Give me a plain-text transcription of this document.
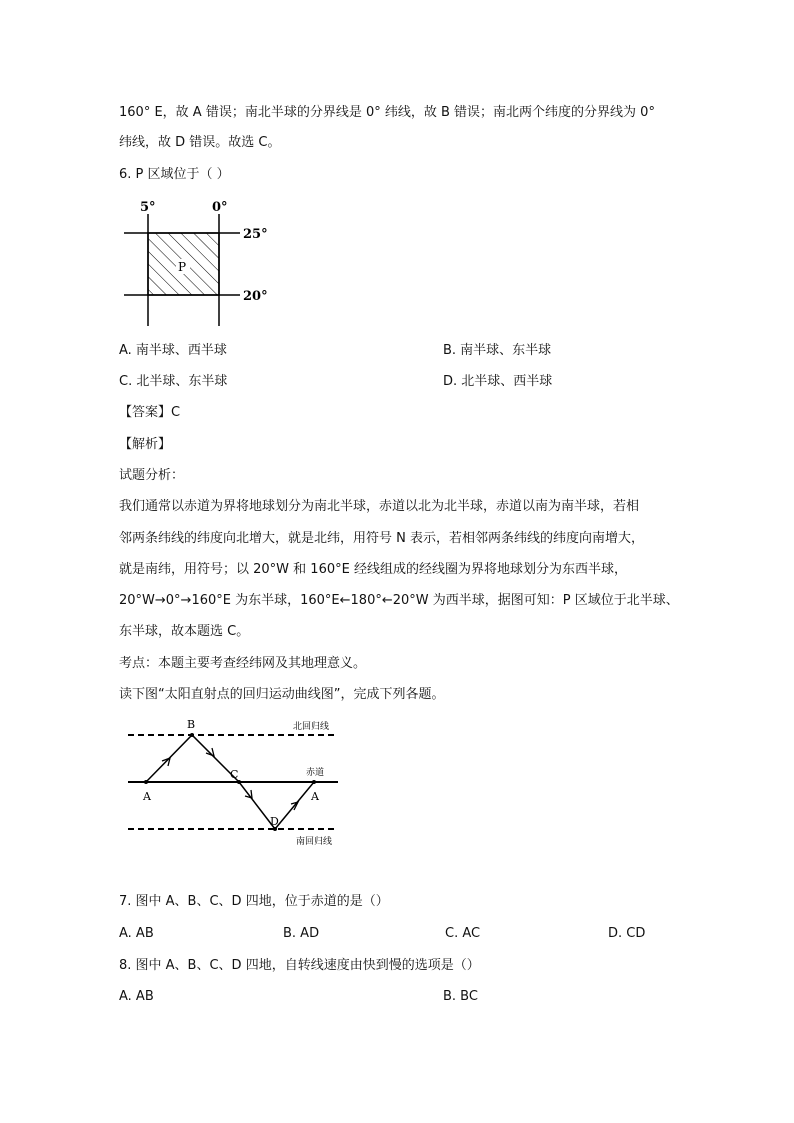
160° E，故 A 错误；南北半球的分界线是 0° 纬线，故 B 错误；南北两个纬度的分界线为 0°
纬线，故 D 错误。故选 C。
6. P 区域位于（ ）
5°	0°
25°
20°
P
A. 南半球、西半球	B. 南半球、东半球
C. 北半球、东半球	D. 北半球、西半球
【答案】C
【解析】
试题分析：
我们通常以赤道为界将地球划分为南北半球，赤道以北为北半球，赤道以南为南半球，若相
邻两条纬线的纬度向北增大，就是北纬，用符号 N 表示，若相邻两条纬线的纬度向南增大，
就是南纬，用符号；以 20°W 和 160°E 经线组成的经线圈为界将地球划分为东西半球，
20°W→0°→160°E 为东半球，160°E←180°←20°W 为西半球，据图可知：P 区域位于北半球、
东半球，故本题选 C。
考点：本题主要考查经纬网及其地理意义。
读下图“太阳直射点的回归运动曲线图”，完成下列各题。
A
B
C
D
A
北回归线
赤道
南回归线
7. 图中 A、B、C、D 四地，位于赤道的是（）
A. AB	B. AD	C. AC	D. CD
8. 图中 A、B、C、D 四地，自转线速度由快到慢的选项是（）
A. AB	B. BC
